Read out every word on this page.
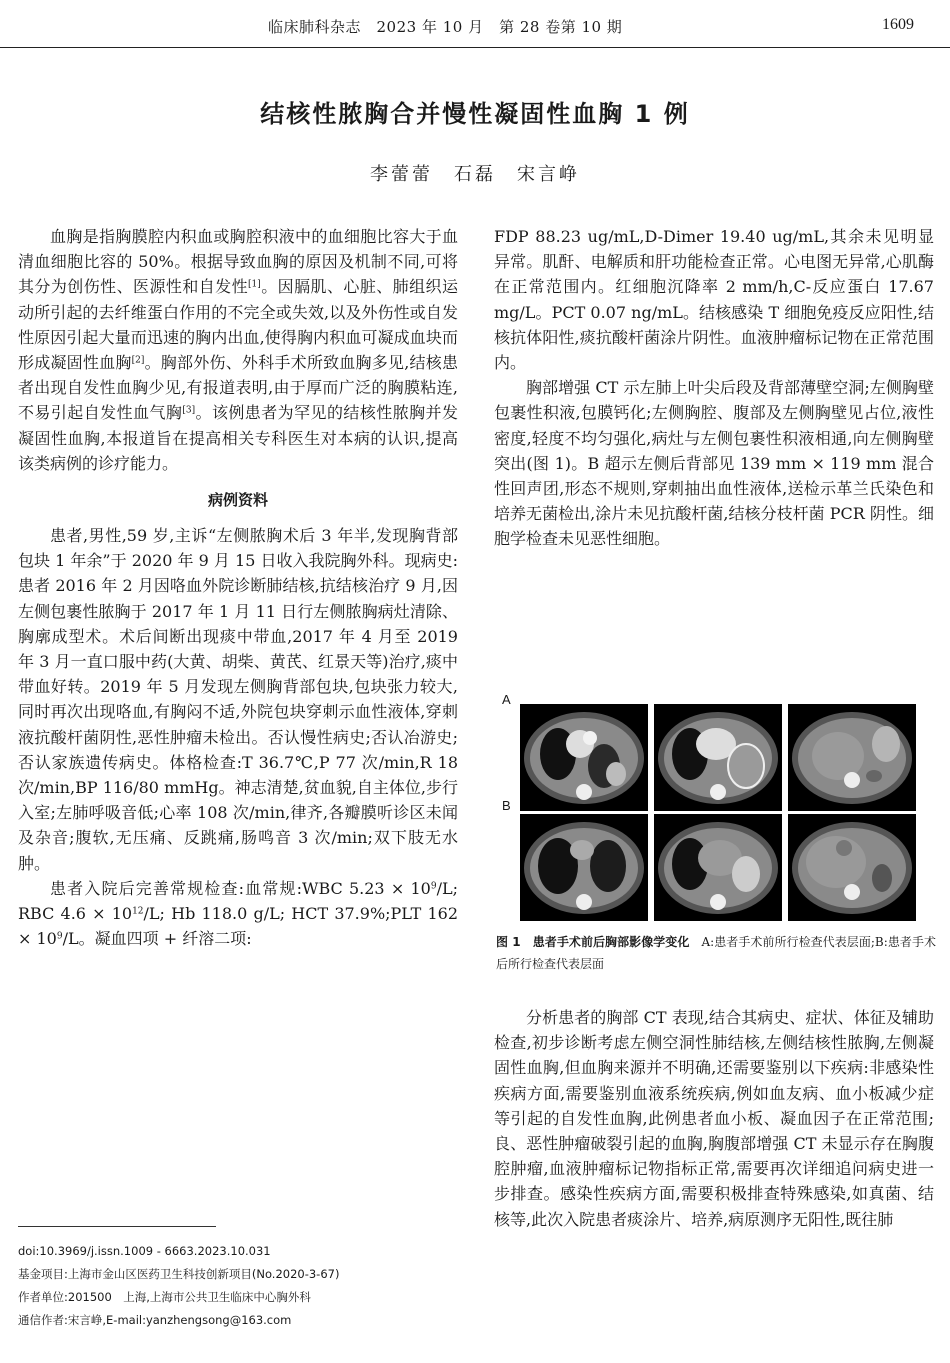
临床肺科杂志　2023 年 10 月　第 28 卷第 10 期	1609
结核性脓胸合并慢性凝固性血胸 1 例
李蕾蕾　石磊　宋言峥

血胸是指胸膜腔内积血或胸腔积液中的血细胞比容大于血清血细胞比容的 50%。根据导致血胸的原因及机制不同,可将其分为创伤性、医源性和自发性[1]。因膈肌、心脏、肺组织运动所引起的去纤维蛋白作用的不完全或失效,以及外伤性或自发性原因引起大量而迅速的胸内出血,使得胸内积血可凝成血块而形成凝固性血胸[2]。胸部外伤、外科手术所致血胸多见,结核患者出现自发性血胸少见,有报道表明,由于厚而广泛的胸膜粘连,不易引起自发性血气胸[3]。该例患者为罕见的结核性脓胸并发凝固性血胸,本报道旨在提高相关专科医生对本病的认识,提高该类病例的诊疗能力。

病例资料

患者,男性,59 岁,主诉“左侧脓胸术后 3 年半,发现胸背部包块 1 年余”于 2020 年 9 月 15 日收入我院胸外科。现病史:患者 2016 年 2 月因咯血外院诊断肺结核,抗结核治疗 9 月,因左侧包裹性脓胸于 2017 年 1 月 11 日行左侧脓胸病灶清除、胸廓成型术。术后间断出现痰中带血,2017 年 4 月至 2019 年 3 月一直口服中药(大黄、胡柴、黄芪、红景天等)治疗,痰中带血好转。2019 年 5 月发现左侧胸背部包块,包块张力较大,同时再次出现咯血,有胸闷不适,外院包块穿刺示血性液体,穿刺液抗酸杆菌阴性,恶性肿瘤未检出。否认慢性病史;否认冶游史;否认家族遗传病史。体格检查:T 36.7℃,P 77 次/min,R 18 次/min,BP 116/80 mmHg。神志清楚,贫血貌,自主体位,步行入室;左肺呼吸音低;心率 108 次/min,律齐,各瓣膜听诊区未闻及杂音;腹软,无压痛、反跳痛,肠鸣音 3 次/min;双下肢无水肿。

患者入院后完善常规检查:血常规:WBC $5.23 \times 10^9/L$; RBC $4.6 \times 10^{12}/L$; Hb 118.0 g/L; HCT 37.9%;PLT $162 \times 10^9/L$。凝血四项 + 纤溶二项:

doi:10.3969/j.issn.1009 - 6663.2023.10.031
基金项目:上海市金山区医药卫生科技创新项目(No.2020-3-67)
作者单位:201500　上海,上海市公共卫生临床中心胸外科
通信作者:宋言峥,E-mail:yanzhengsong@163.com

FDP 88.23 ug/mL,D-Dimer 19.40 ug/mL,其余未见明显异常。肌酐、电解质和肝功能检查正常。心电图无异常,心肌酶在正常范围内。红细胞沉降率 2 mm/h,C-反应蛋白 17.67 mg/L。PCT 0.07 ng/mL。结核感染 T 细胞免疫反应阳性,结核抗体阳性,痰抗酸杆菌涂片阴性。血液肿瘤标记物在正常范围内。

胸部增强 CT 示左肺上叶尖后段及背部薄壁空洞;左侧胸壁包裹性积液,包膜钙化;左侧胸腔、腹部及左侧胸壁见占位,液性密度,轻度不均匀强化,病灶与左侧包裹性积液相通,向左侧胸壁突出(图 1)。B 超示左侧后背部见 139 mm × 119 mm 混合性回声团,形态不规则,穿刺抽出血性液体,送检示革兰氏染色和培养无菌检出,涂片未见抗酸杆菌,结核分枝杆菌 PCR 阴性。细胞学检查未见恶性细胞。

A
B
图 1　患者手术前后胸部影像学变化　A:患者手术前所行检查代表层面;B:患者手术后所行检查代表层面

分析患者的胸部 CT 表现,结合其病史、症状、体征及辅助检查,初步诊断考虑左侧空洞性肺结核,左侧结核性脓胸,左侧凝固性血胸,但血胸来源并不明确,还需要鉴别以下疾病:非感染性疾病方面,需要鉴别血液系统疾病,例如血友病、血小板减少症等引起的自发性血胸,此例患者血小板、凝血因子在正常范围;良、恶性肿瘤破裂引起的血胸,胸腹部增强 CT 未显示存在胸腹腔肿瘤,血液肿瘤标记物指标正常,需要再次详细追问病史进一步排查。感染性疾病方面,需要积极排查特殊感染,如真菌、结核等,此次入院患者痰涂片、培养,病原测序无阳性,既往肺
